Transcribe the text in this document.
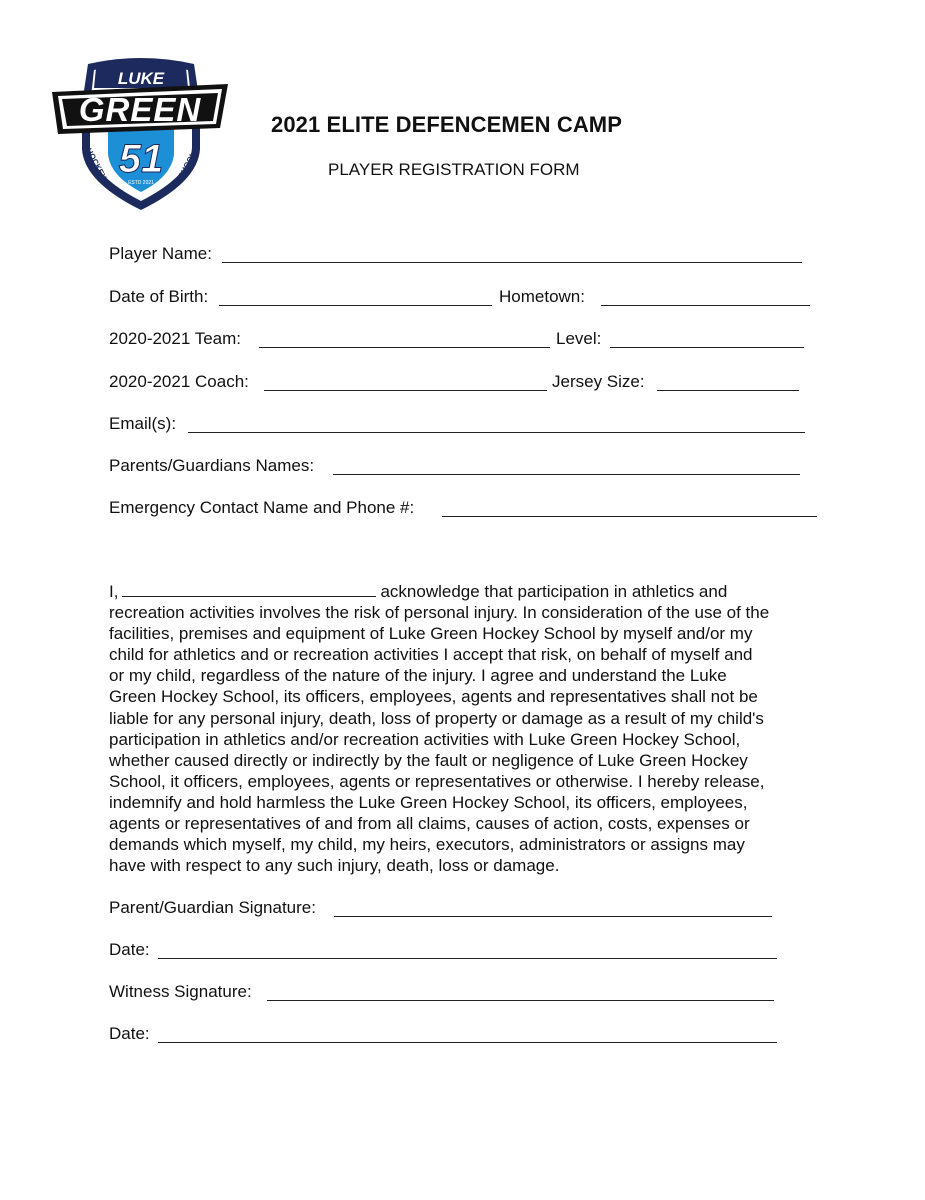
LUKE
GREEN
51
ESTD 2021
HOCKEY	SCHOOL
2021 ELITE DEFENCEMEN CAMP
PLAYER REGISTRATION FORM
Player Name:
Date of Birth:	Hometown:
2020-2021 Team:	Level:
2020-2021 Coach:	Jersey Size:
Email(s):
Parents/Guardians Names:
Emergency Contact Name and Phone #:
I,	acknowledge that participation in athletics and
recreation activities involves the risk of personal injury. In consideration of the use of the
facilities, premises and equipment of Luke Green Hockey School by myself and/or my
child for athletics and or recreation activities I accept that risk, on behalf of myself and
or my child, regardless of the nature of the injury. I agree and understand the Luke
Green Hockey School, its officers, employees, agents and representatives shall not be
liable for any personal injury, death, loss of property or damage as a result of my child's
participation in athletics and/or recreation activities with Luke Green Hockey School,
whether caused directly or indirectly by the fault or negligence of Luke Green Hockey
School, it officers, employees, agents or representatives or otherwise. I hereby release,
indemnify and hold harmless the Luke Green Hockey School, its officers, employees,
agents or representatives of and from all claims, causes of action, costs, expenses or
demands which myself, my child, my heirs, executors, administrators or assigns may
have with respect to any such injury, death, loss or damage.
Parent/Guardian Signature:
Date:
Witness Signature:
Date:
